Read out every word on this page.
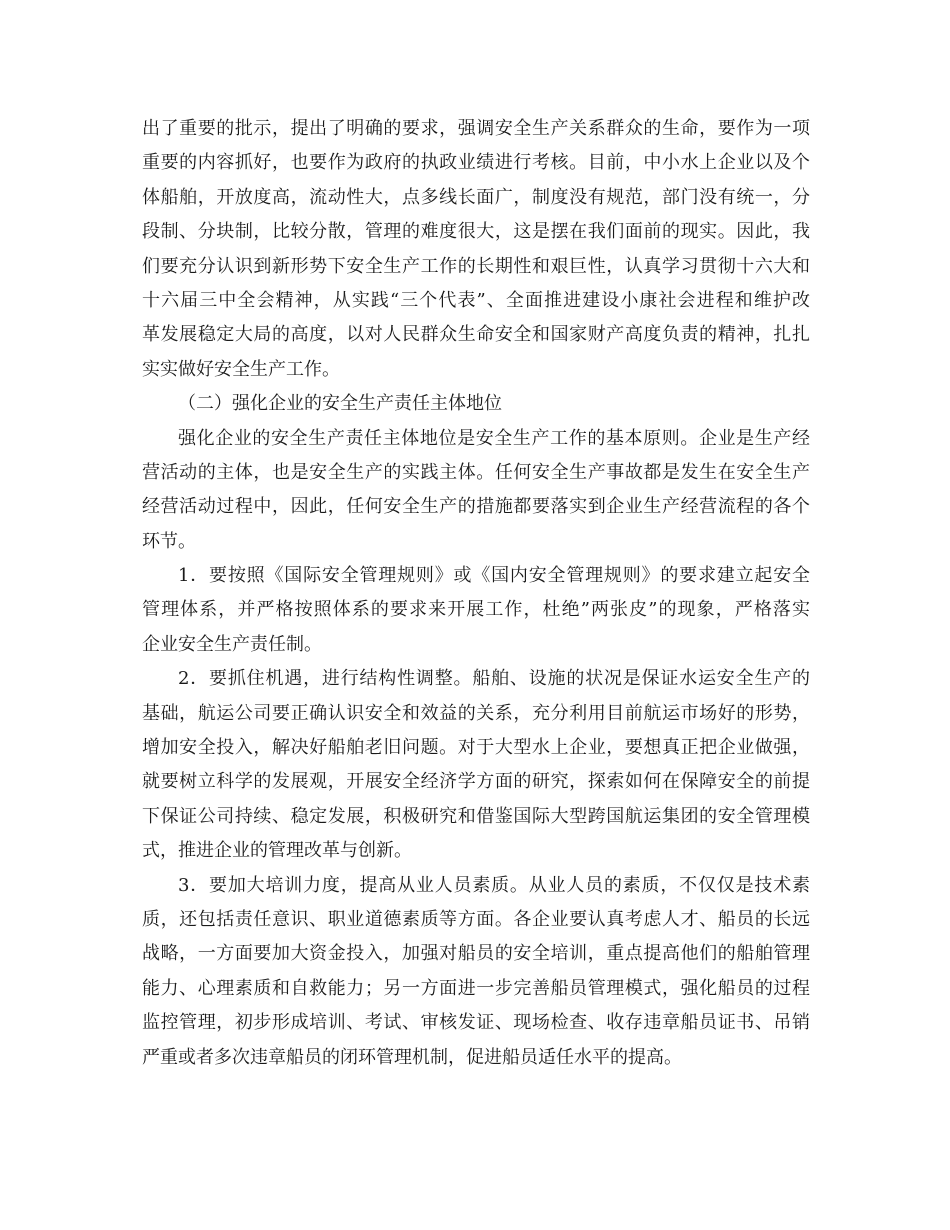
出了重要的批示，提出了明确的要求，强调安全生产关系群众的生命，要作为一项
重要的内容抓好，也要作为政府的执政业绩进行考核。目前，中小水上企业以及个
体船舶，开放度高，流动性大，点多线长面广，制度没有规范，部门没有统一，分
段制、分块制，比较分散，管理的难度很大，这是摆在我们面前的现实。因此，我
们要充分认识到新形势下安全生产工作的长期性和艰巨性，认真学习贯彻十六大和
十六届三中全会精神，从实践“三个代表”、全面推进建设小康社会进程和维护改
革发展稳定大局的高度，以对人民群众生命安全和国家财产高度负责的精神，扎扎
实实做好安全生产工作。
（二）强化企业的安全生产责任主体地位
强化企业的安全生产责任主体地位是安全生产工作的基本原则。企业是生产经
营活动的主体，也是安全生产的实践主体。任何安全生产事故都是发生在安全生产
经营活动过程中，因此，任何安全生产的措施都要落实到企业生产经营流程的各个
环节。
1．要按照《国际安全管理规则》或《国内安全管理规则》的要求建立起安全
管理体系，并严格按照体系的要求来开展工作，杜绝”两张皮”的现象，严格落实
企业安全生产责任制。
2．要抓住机遇，进行结构性调整。船舶、设施的状况是保证水运安全生产的
基础，航运公司要正确认识安全和效益的关系，充分利用目前航运市场好的形势，
增加安全投入，解决好船舶老旧问题。对于大型水上企业，要想真正把企业做强，
就要树立科学的发展观，开展安全经济学方面的研究，探索如何在保障安全的前提
下保证公司持续、稳定发展，积极研究和借鉴国际大型跨国航运集团的安全管理模
式，推进企业的管理改革与创新。
3．要加大培训力度，提高从业人员素质。从业人员的素质，不仅仅是技术素
质，还包括责任意识、职业道德素质等方面。各企业要认真考虑人才、船员的长远
战略，一方面要加大资金投入，加强对船员的安全培训，重点提高他们的船舶管理
能力、心理素质和自救能力；另一方面进一步完善船员管理模式，强化船员的过程
监控管理，初步形成培训、考试、审核发证、现场检查、收存违章船员证书、吊销
严重或者多次违章船员的闭环管理机制，促进船员适任水平的提高。
